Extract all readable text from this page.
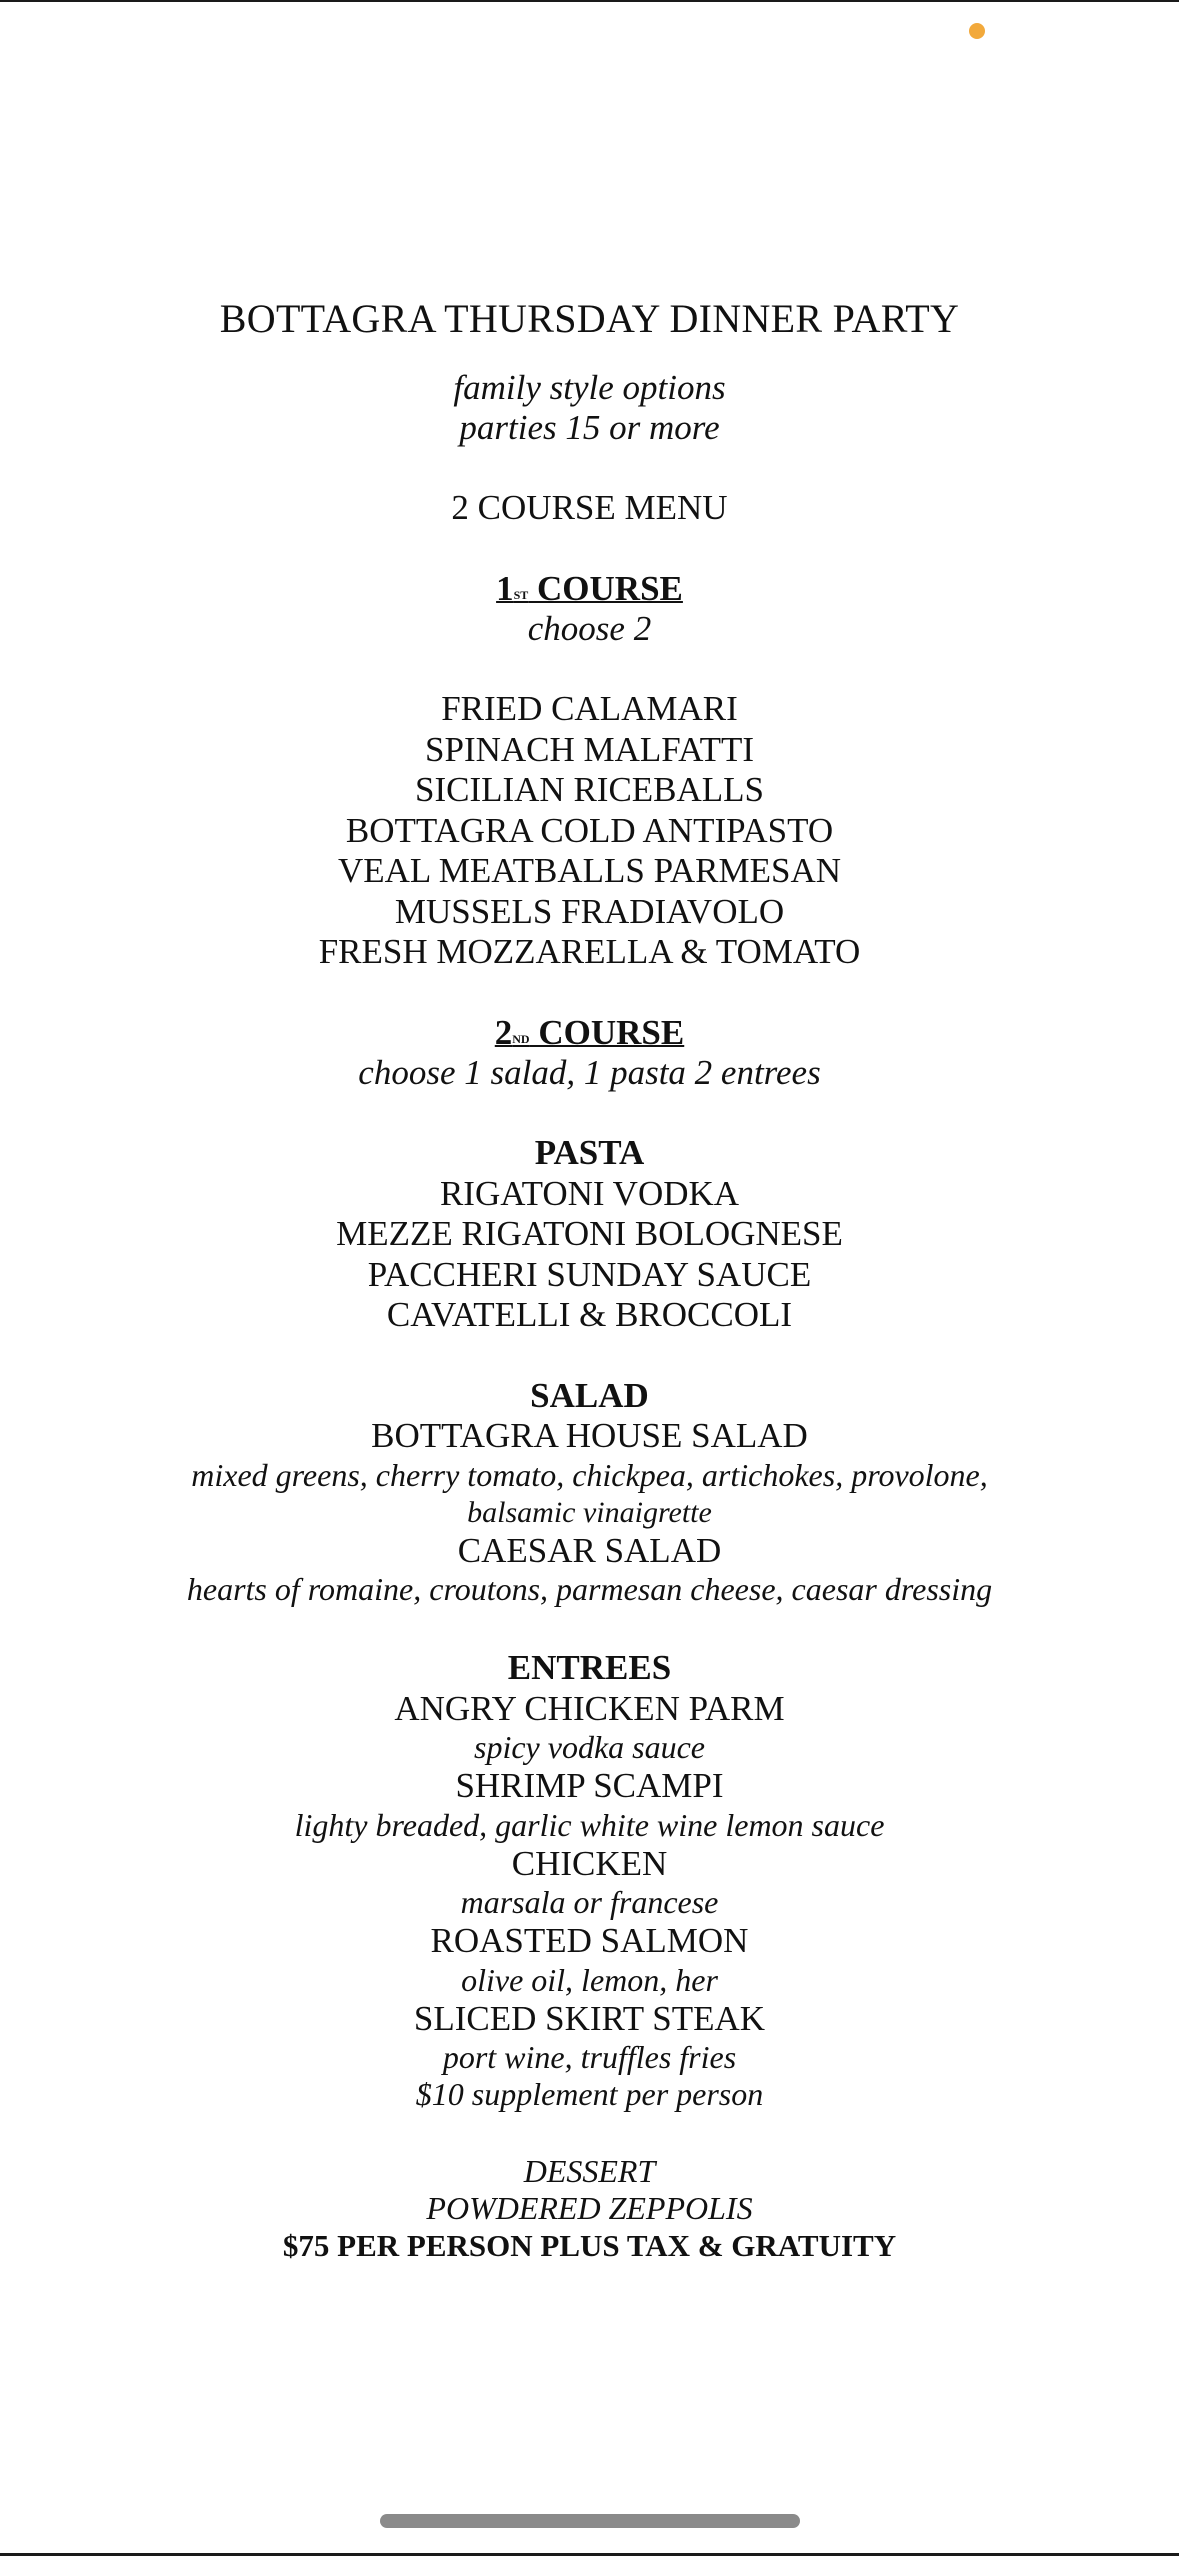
BOTTAGRA THURSDAY DINNER PARTY
family style options
parties 15 or more
2 COURSE MENU
1ST COURSE
choose 2
FRIED CALAMARI
SPINACH MALFATTI
SICILIAN RICEBALLS
BOTTAGRA COLD ANTIPASTO
VEAL MEATBALLS PARMESAN
MUSSELS FRADIAVOLO
FRESH MOZZARELLA & TOMATO
2ND COURSE
choose 1 salad, 1 pasta 2 entrees
PASTA
RIGATONI VODKA
MEZZE RIGATONI BOLOGNESE
PACCHERI SUNDAY SAUCE
CAVATELLI & BROCCOLI
SALAD
BOTTAGRA HOUSE SALAD
mixed greens, cherry tomato, chickpea, artichokes, provolone,
balsamic vinaigrette
CAESAR SALAD
hearts of romaine, croutons, parmesan cheese, caesar dressing
ENTREES
ANGRY CHICKEN PARM
spicy vodka sauce
SHRIMP SCAMPI
lighty breaded, garlic white wine lemon sauce
CHICKEN
marsala or francese
ROASTED SALMON
olive oil, lemon, her
SLICED SKIRT STEAK
port wine, truffles fries
$10 supplement per person
DESSERT
POWDERED ZEPPOLIS
$75 PER PERSON PLUS TAX & GRATUITY
